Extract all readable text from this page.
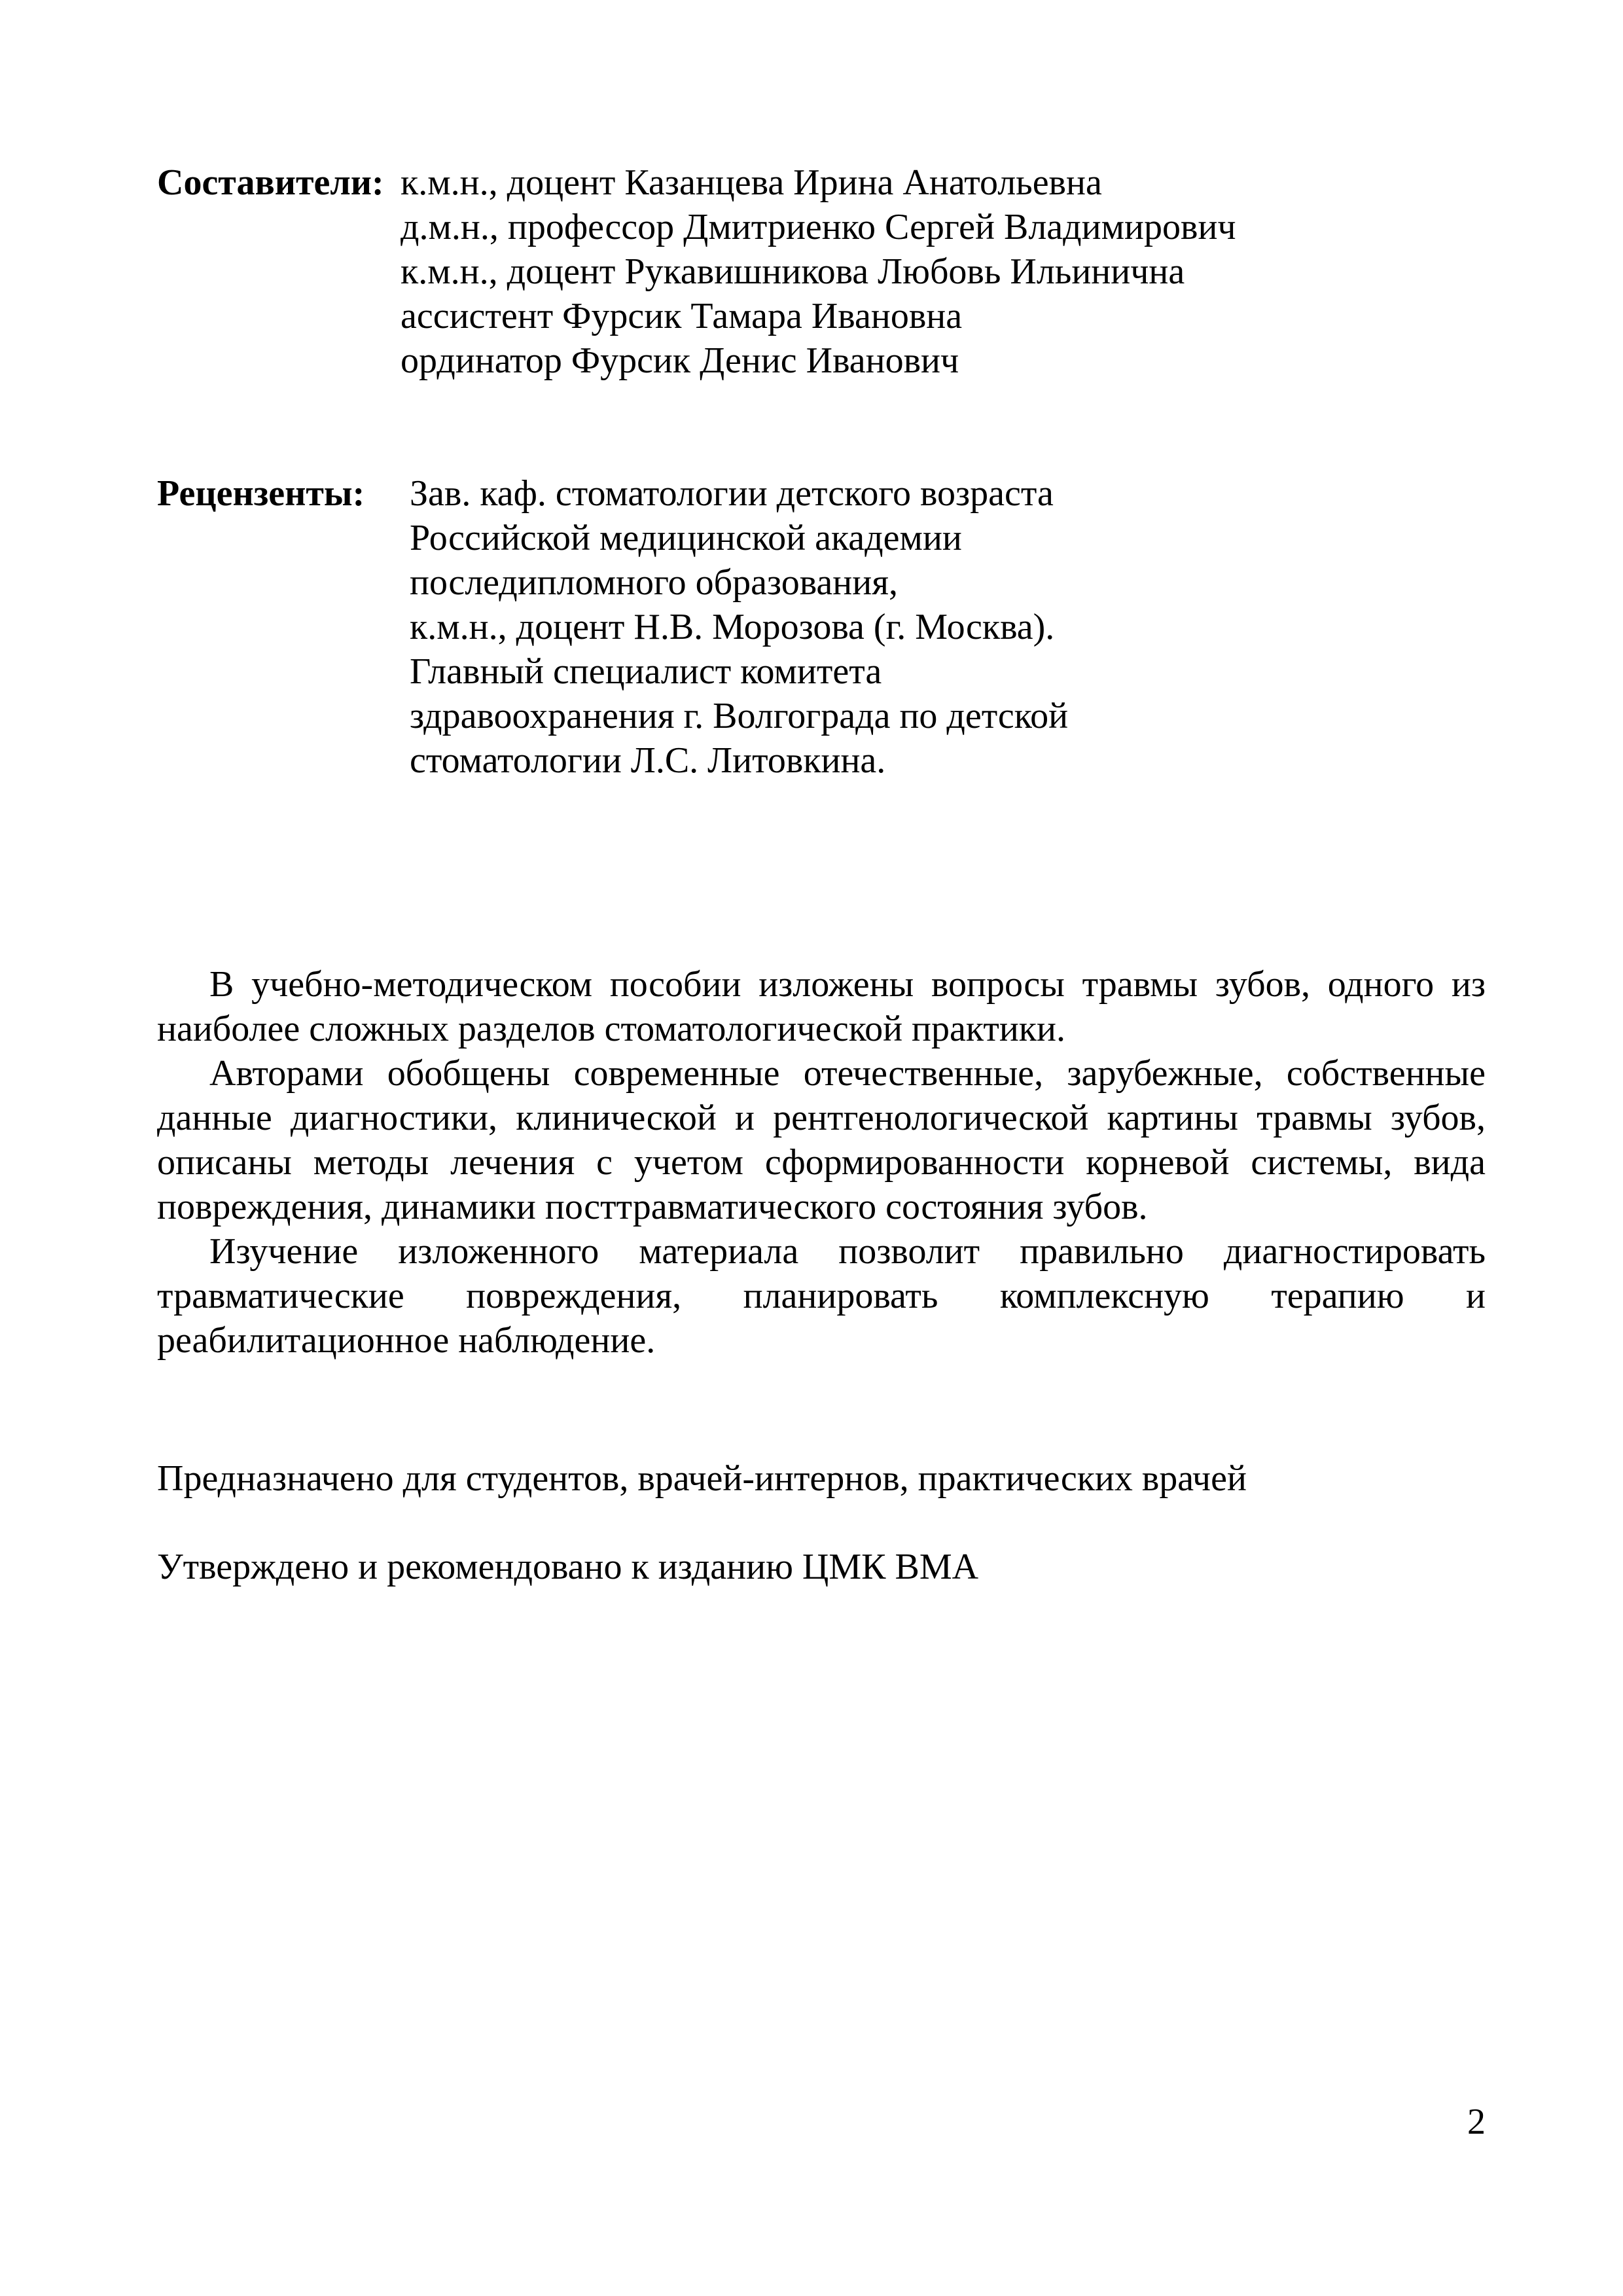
Составители: к.м.н., доцент Казанцева Ирина Анатольевна
д.м.н., профессор Дмитриенко Сергей Владимирович
к.м.н., доцент Рукавишникова Любовь Ильинична
ассистент Фурсик Тамара Ивановна
ординатор Фурсик Денис Иванович
Рецензенты: Зав. каф. стоматологии детского возраста
Российской медицинской академии
последипломного образования,
к.м.н., доцент Н.В. Морозова (г. Москва).
Главный специалист комитета
здравоохранения г. Волгограда по детской
стоматологии Л.С. Литовкина.
В учебно-методическом пособии изложены вопросы травмы зубов, одного из наиболее сложных разделов стоматологической практики.
Авторами обобщены современные отечественные, зарубежные, собственные данные диагностики, клинической и рентгенологической картины травмы зубов, описаны методы лечения с учетом сформированности корневой системы, вида повреждения, динамики посттравматического состояния зубов.
Изучение изложенного материала позволит правильно диагностировать травматические повреждения, планировать комплексную терапию и реабилитационное наблюдение.
Предназначено для студентов, врачей-интернов, практических врачей
Утверждено и рекомендовано к изданию ЦМК ВМА
2
